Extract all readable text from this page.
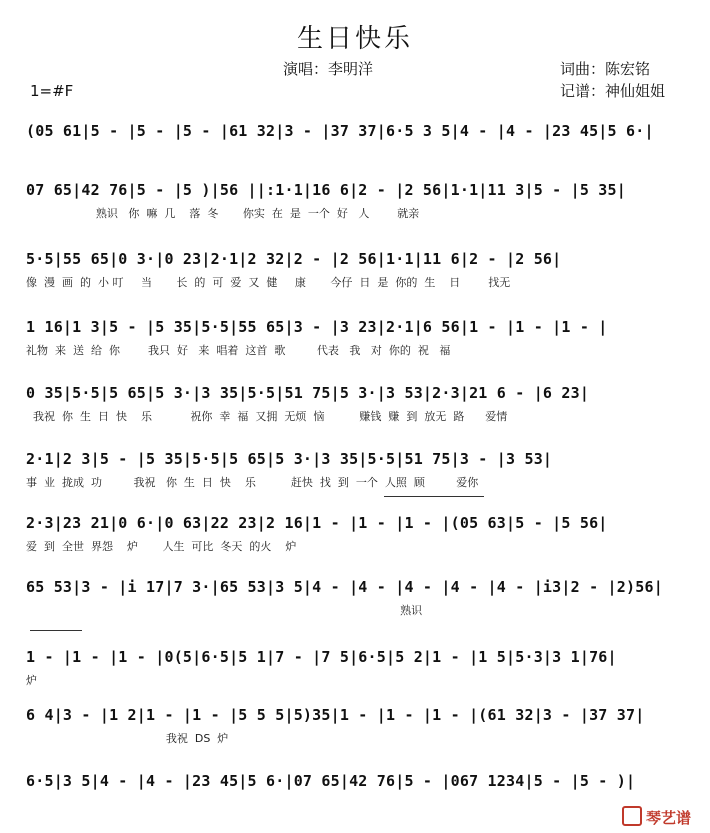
生日快乐
演唱：李明洋	词曲：陈宏铭
记谱：神仙姐姐
1=#F
(05 61|5 - |5 - |5 - |61 32|3 - |37 37|6·5 3 5|4 - |4 - |23 45|5 6·|
07 65|42 76|5 - |5 )|56 ||:1·1|16 6|2 - |2 56|1·1|11 3|5 - |5 35|
熟识   你  嘛  几    落  冬       你实  在  是  一个  好   人        就亲
5·5|55 65|0 3·|0 23|2·1|2 32|2 - |2 56|1·1|11 6|2 - |2 56|
像  漫  画  的  小 叮     当       长  的  可  爱  又  健     康       今仔  日  是  你的  生    日        找无
1 16|1 3|5 - |5 35|5·5|55 65|3 - |3 23|2·1|6 56|1 - |1 - |1 - |
礼物  来  送  给  你        我只  好   来  唱着  这首  歌         代表   我   对  你的  祝   福
0 35|5·5|5 65|5 3·|3 35|5·5|51 75|5 3·|3 53|2·3|21 6 - |6 23|
我祝  你  生  日  快    乐           祝你  幸  福  又拥  无烦  恼          赚钱  赚  到  放无  路      爱情
2·1|2 3|5 - |5 35|5·5|5 65|5 3·|3 35|5·5|51 75|3 - |3 53|
事  业  拢成  功         我祝   你  生  日  快    乐          赶快  找  到  一个  人照  顾         爱你
2·3|23 21|0 6·|0 63|22 23|2 16|1 - |1 - |1 - |(05 63|5 - |5 56|
爱  到  全世  界怨    炉       人生  可比  冬天  的火    炉
65 53|3 - |i 17|7 3·|65 53|3 5|4 - |4 - |4 - |4 - |4 - |i3|2 - |2)56|
熟识
1 - |1 - |1 - |0(5|6·5|5 1|7 - |7 5|6·5|5 2|1 - |1 5|5·3|3 1|76|
炉
6 4|3 - |1 2|1 - |1 - |5 5 5|5)35|1 - |1 - |1 - |(61 32|3 - |37 37|
我祝  DS  炉
6·5|3 5|4 - |4 - |23 45|5 6·|07 65|42 76|5 - |067 1234|5 - |5 - )|
琴艺谱
